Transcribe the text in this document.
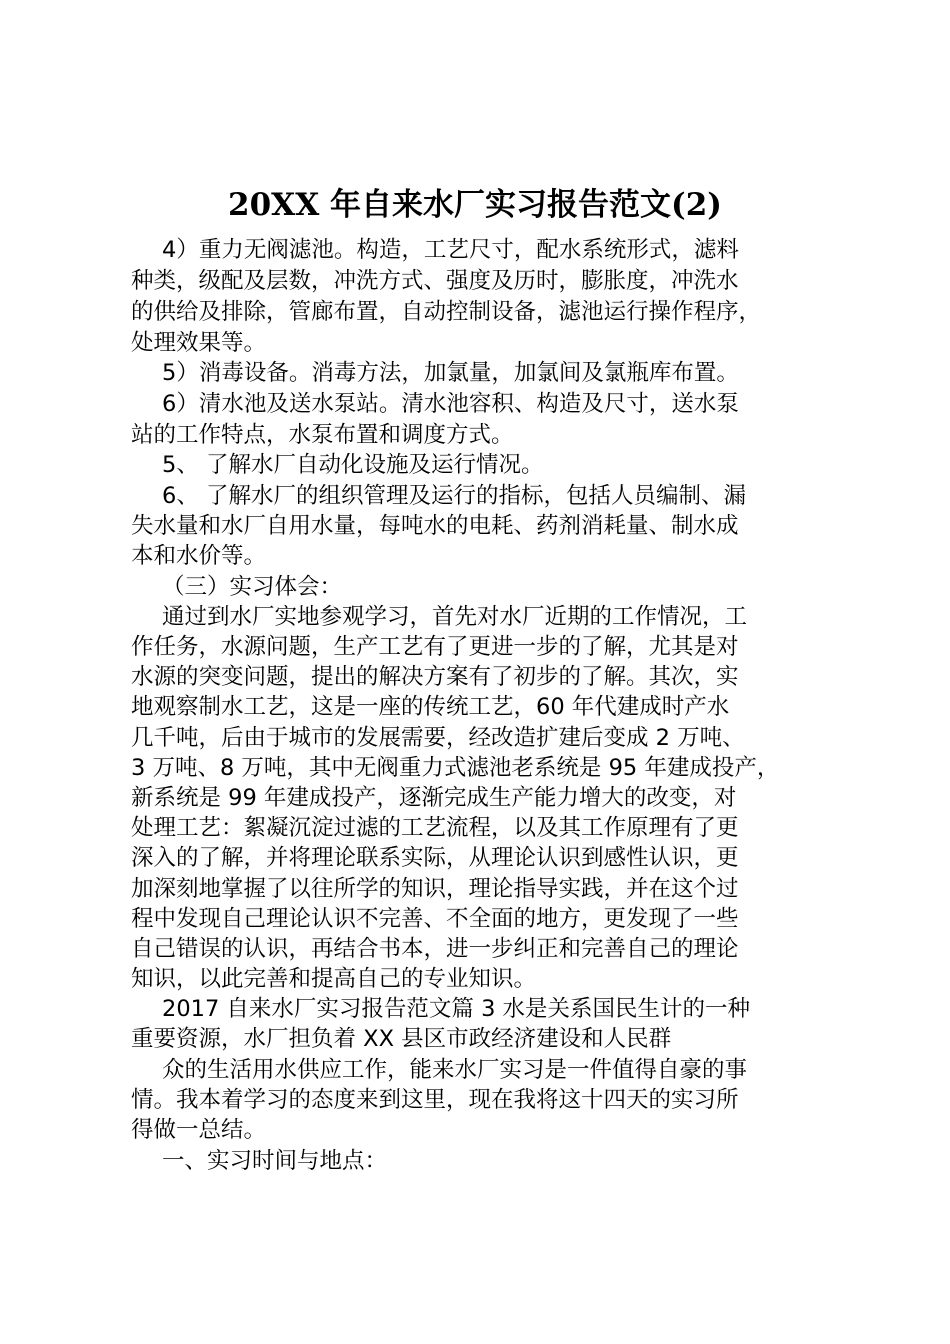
20XX 年自来水厂实习报告范文(2)
4）重力无阀滤池。构造，工艺尺寸，配水系统形式，滤料
种类，级配及层数，冲洗方式、强度及历时，膨胀度，冲洗水
的供给及排除，管廊布置，自动控制设备，滤池运行操作程序，
处理效果等。
5）消毒设备。消毒方法，加氯量，加氯间及氯瓶库布置。
6）清水池及送水泵站。清水池容积、构造及尺寸，送水泵
站的工作特点，水泵布置和调度方式。
5、 了解水厂自动化设施及运行情况。
6、 了解水厂的组织管理及运行的指标，包括人员编制、漏
失水量和水厂自用水量，每吨水的电耗、药剂消耗量、制水成
本和水价等。
（三）实习体会：
通过到水厂实地参观学习，首先对水厂近期的工作情况，工
作任务，水源问题，生产工艺有了更进一步的了解，尤其是对
水源的突变问题，提出的解决方案有了初步的了解。其次，实
地观察制水工艺，这是一座的传统工艺，60 年代建成时产水
几千吨，后由于城市的发展需要，经改造扩建后变成 2 万吨、
3 万吨、8 万吨，其中无阀重力式滤池老系统是 95 年建成投产，
新系统是 99 年建成投产，逐渐完成生产能力增大的改变，对
处理工艺：絮凝沉淀过滤的工艺流程，以及其工作原理有了更
深入的了解，并将理论联系实际，从理论认识到感性认识，更
加深刻地掌握了以往所学的知识，理论指导实践，并在这个过
程中发现自己理论认识不完善、不全面的地方，更发现了一些
自己错误的认识，再结合书本，进一步纠正和完善自己的理论
知识，以此完善和提高自己的专业知识。
2017 自来水厂实习报告范文篇 3 水是关系国民生计的一种
重要资源，水厂担负着 XX 县区市政经济建设和人民群
众的生活用水供应工作，能来水厂实习是一件值得自豪的事
情。我本着学习的态度来到这里，现在我将这十四天的实习所
得做一总结。
一、实习时间与地点：
